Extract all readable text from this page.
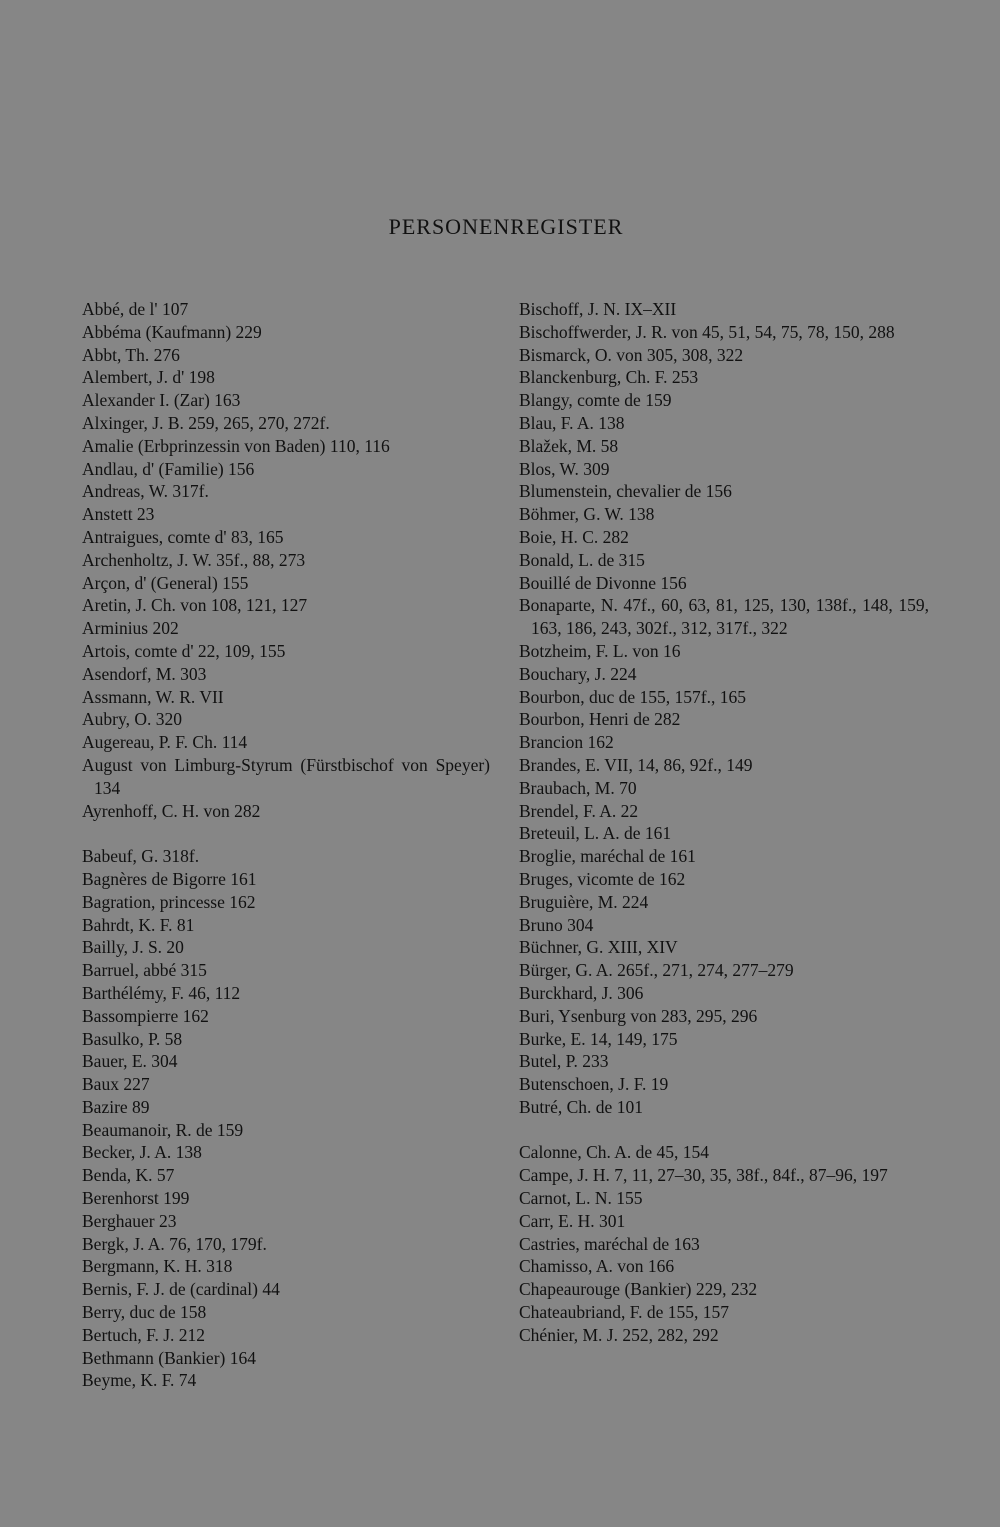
PERSONENREGISTER
Abbé, de l' 107
Abbéma (Kaufmann) 229
Abbt, Th. 276
Alembert, J. d' 198
Alexander I. (Zar) 163
Alxinger, J. B. 259, 265, 270, 272f.
Amalie (Erbprinzessin von Baden) 110, 116
Andlau, d' (Familie) 156
Andreas, W. 317f.
Anstett 23
Antraigues, comte d' 83, 165
Archenholtz, J. W. 35f., 88, 273
Arçon, d' (General) 155
Aretin, J. Ch. von 108, 121, 127
Arminius 202
Artois, comte d' 22, 109, 155
Asendorf, M. 303
Assmann, W. R. VII
Aubry, O. 320
Augereau, P. F. Ch. 114
August von Limburg-Styrum (Fürstbischof von Speyer) 134
Ayrenhoff, C. H. von 282
Babeuf, G. 318f.
Bagnères de Bigorre 161
Bagration, princesse 162
Bahrdt, K. F. 81
Bailly, J. S. 20
Barruel, abbé 315
Barthélémy, F. 46, 112
Bassompierre 162
Basulko, P. 58
Bauer, E. 304
Baux 227
Bazire 89
Beaumanoir, R. de 159
Becker, J. A. 138
Benda, K. 57
Berenhorst 199
Berghauer 23
Bergk, J. A. 76, 170, 179f.
Bergmann, K. H. 318
Bernis, F. J. de (cardinal) 44
Berry, duc de 158
Bertuch, F. J. 212
Bethmann (Bankier) 164
Beyme, K. F. 74
Bischoff, J. N. IX–XII
Bischoffwerder, J. R. von 45, 51, 54, 75, 78, 150, 288
Bismarck, O. von 305, 308, 322
Blanckenburg, Ch. F. 253
Blangy, comte de 159
Blau, F. A. 138
Blažek, M. 58
Blos, W. 309
Blumenstein, chevalier de 156
Böhmer, G. W. 138
Boie, H. C. 282
Bonald, L. de 315
Bouillé de Divonne 156
Bonaparte, N. 47f., 60, 63, 81, 125, 130, 138f., 148, 159, 163, 186, 243, 302f., 312, 317f., 322
Botzheim, F. L. von 16
Bouchary, J. 224
Bourbon, duc de 155, 157f., 165
Bourbon, Henri de 282
Brancion 162
Brandes, E. VII, 14, 86, 92f., 149
Braubach, M. 70
Brendel, F. A. 22
Breteuil, L. A. de 161
Broglie, maréchal de 161
Bruges, vicomte de 162
Bruguière, M. 224
Bruno 304
Büchner, G. XIII, XIV
Bürger, G. A. 265f., 271, 274, 277–279
Burckhard, J. 306
Buri, Ysenburg von 283, 295, 296
Burke, E. 14, 149, 175
Butel, P. 233
Butenschoen, J. F. 19
Butré, Ch. de 101
Calonne, Ch. A. de 45, 154
Campe, J. H. 7, 11, 27–30, 35, 38f., 84f., 87–96, 197
Carnot, L. N. 155
Carr, E. H. 301
Castries, maréchal de 163
Chamisso, A. von 166
Chapeaurouge (Bankier) 229, 232
Chateaubriand, F. de 155, 157
Chénier, M. J. 252, 282, 292
